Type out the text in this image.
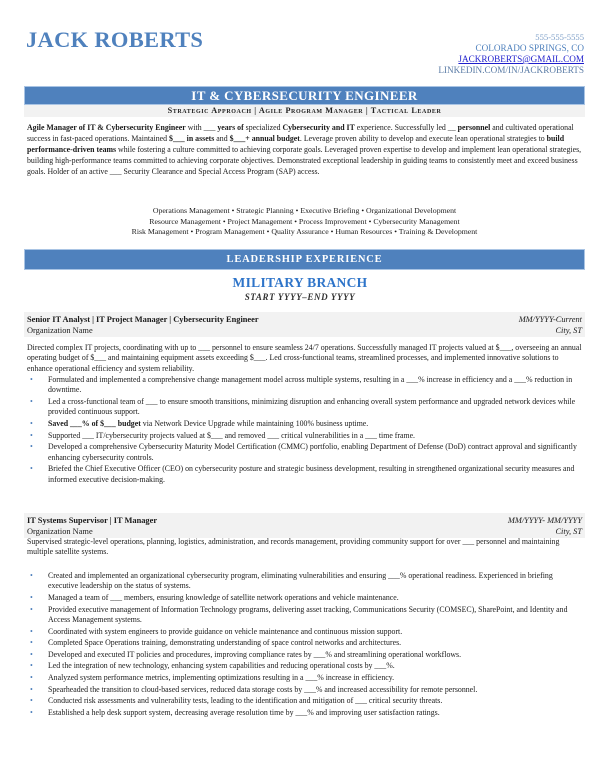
JACK ROBERTS	555-555-5555
COLORADO SPRINGS, CO
JACKROBERTS@GMAIL.COM
LINKEDIN.COM/IN/JACKROBERTS
IT & CYBERSECURITY ENGINEER
Strategic Approach | Agile Program Manager | Tactical Leader
Agile Manager of IT & Cybersecurity Engineer with ___ years of specialized Cybersecurity and IT experience. Successfully led __ personnel and cultivated operational success in fast-paced operations. Maintained $___ in assets and $___+ annual budget. Leverage proven ability to develop and execute lean operational strategies to build performance-driven teams while fostering a culture committed to achieving corporate goals. Leveraged proven expertise to develop and implement lean operational strategies, building high-performance teams committed to achieving corporate objectives. Demonstrated exceptional leadership in guiding teams to consistently meet and exceed business goals. Holder of an active ___ Security Clearance and Special Access Program (SAP) access.
Operations Management • Strategic Planning • Executive Briefing • Organizational Development
Resource Management • Project Management • Process Improvement • Cybersecurity Management
Risk Management • Program Management • Quality Assurance • Human Resources • Training & Development
LEADERSHIP EXPERIENCE
MILITARY BRANCH
START YYYY–END YYYY
Senior IT Analyst | IT Project Manager | Cybersecurity Engineer	MM/YYYY-Current
Organization Name	City, ST
Directed complex IT projects, coordinating with up to ___ personnel to ensure seamless 24/7 operations. Successfully managed IT projects valued at $___, overseeing an annual operating budget of $___ and maintaining equipment assets exceeding $___. Led cross-functional teams, streamlined processes, and implemented innovative solutions to enhance operational efficiency and system reliability.
• Formulated and implemented a comprehensive change management model across multiple systems, resulting in a ___% increase in efficiency and a ___% reduction in downtime.
• Led a cross-functional team of ___ to ensure smooth transitions, minimizing disruption and enhancing overall system performance and upgraded network devices while provided continuous support.
• Saved ___% of $___ budget via Network Device Upgrade while maintaining 100% business uptime.
• Supported ___ IT/cybersecurity projects valued at $___ and removed ___ critical vulnerabilities in a ___ time frame.
• Developed a comprehensive Cybersecurity Maturity Model Certification (CMMC) portfolio, enabling Department of Defense (DoD) contract approval and significantly enhancing cybersecurity controls.
• Briefed the Chief Executive Officer (CEO) on cybersecurity posture and strategic business development, resulting in strengthened organizational security measures and informed executive decision-making.
IT Systems Supervisor | IT Manager	MM/YYYY- MM/YYYY
Organization Name	City, ST
Supervised strategic-level operations, planning, logistics, administration, and records management, providing community support for over ___ personnel and maintaining multiple satellite systems.
• Created and implemented an organizational cybersecurity program, eliminating vulnerabilities and ensuring ___% operational readiness. Experienced in briefing executive leadership on the status of systems.
• Managed a team of ___ members, ensuring knowledge of satellite network operations and vehicle maintenance.
• Provided executive management of Information Technology programs, delivering asset tracking, Communications Security (COMSEC), SharePoint, and Identity and Access Management systems.
• Coordinated with system engineers to provide guidance on vehicle maintenance and continuous mission support.
• Completed Space Operations training, demonstrating understanding of space control networks and architectures.
• Developed and executed IT policies and procedures, improving compliance rates by ___% and streamlining operational workflows.
• Led the integration of new technology, enhancing system capabilities and reducing operational costs by ___%.
• Analyzed system performance metrics, implementing optimizations resulting in a ___% increase in efficiency.
• Spearheaded the transition to cloud-based services, reduced data storage costs by ___% and increased accessibility for remote personnel.
• Conducted risk assessments and vulnerability tests, leading to the identification and mitigation of ___ critical security threats.
• Established a help desk support system, decreasing average resolution time by ___% and improving user satisfaction ratings.
